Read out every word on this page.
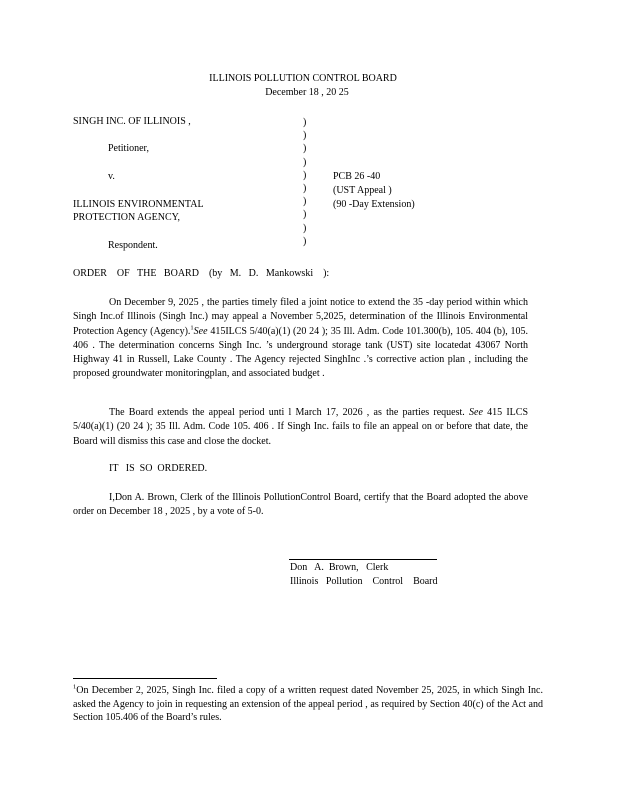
ILLINOIS POLLUTION CONTROL BOARD
December 18 , 20 25
SINGH INC. OF ILLINOIS ,
Petitioner,
v.
ILLINOIS ENVIRONMENTAL
PROTECTION AGENCY,
Respondent.
)
)
)
)
)
)
)
)
)
)
PCB 26 -40
(UST Appeal )
(90 -Day Extension)
ORDER    OF   THE   BOARD    (by   M.   D.   Mankowski    ):
On December 9, 2025 , the parties timely filed a joint notice to extend the 35 -day period within which Singh Inc.of Illinois (Singh Inc.) may appeal a November 5,2025, determination of the Illinois Environmental Protection Agency (Agency).$^1$See 415ILCS 5/40(a)(1) (20 24 ); 35 Ill. Adm. Code 101.300(b), 105. 404 (b), 105. 406 . The determination concerns Singh Inc. ’s underground storage tank (UST) site locatedat 43067 North Highway 41 in Russell, Lake County . The Agency rejected SinghInc .’s corrective action plan , including the proposed groundwater monitoringplan, and associated budget .
The Board extends the appeal period unti l March 17, 2026 , as the parties request. See 415 ILCS 5/40(a)(1) (20 24 ); 35 Ill. Adm. Code 105. 406 . If Singh Inc. fails to file an appeal on or before that date, the Board will dismiss this case and close the docket.
IT   IS  SO  ORDERED.
I,Don A. Brown, Clerk of the Illinois PollutionControl Board, certify that the Board adopted the above order on December 18 , 2025 , by a vote of 5-0.
Don   A.  Brown,   Clerk
Illinois   Pollution    Control    Board
$^1$On December 2, 2025, Singh Inc. filed a copy of a written request dated November 25, 2025, in which Singh Inc. asked the Agency to join in requesting an extension of the appeal period , as required by Section 40(c) of the Act and Section 105.406 of the Board’s rules.
